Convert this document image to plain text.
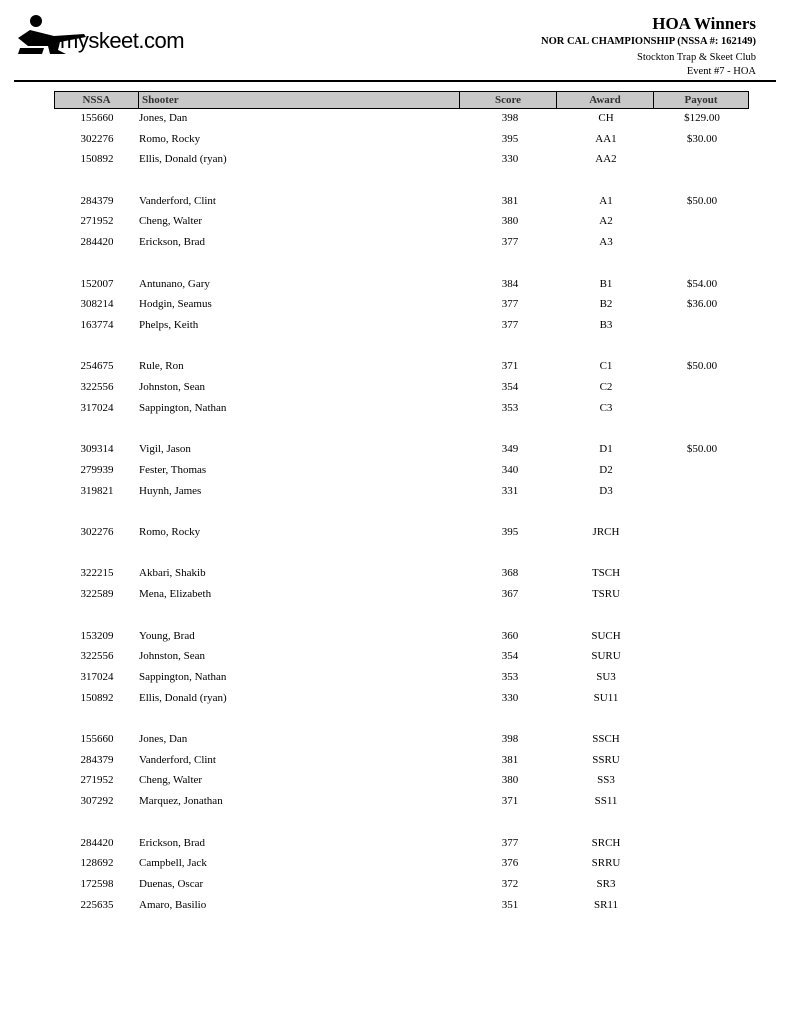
myskeet.com
HOA Winners
NOR CAL CHAMPIONSHIP (NSSA #: 162149)
Stockton Trap & Skeet Club
Event #7 - HOA
NSSA	Shooter	Score	Award	Payout
155660	Jones, Dan	398	CH	$129.00
302276	Romo, Rocky	395	AA1	$30.00
150892	Ellis, Donald (ryan)	330	AA2
284379	Vanderford, Clint	381	A1	$50.00
271952	Cheng, Walter	380	A2
284420	Erickson, Brad	377	A3
152007	Antunano, Gary	384	B1	$54.00
308214	Hodgin, Seamus	377	B2	$36.00
163774	Phelps, Keith	377	B3
254675	Rule, Ron	371	C1	$50.00
322556	Johnston, Sean	354	C2
317024	Sappington, Nathan	353	C3
309314	Vigil, Jason	349	D1	$50.00
279939	Fester, Thomas	340	D2
319821	Huynh, James	331	D3
302276	Romo, Rocky	395	JRCH
322215	Akbari, Shakib	368	TSCH
322589	Mena, Elizabeth	367	TSRU
153209	Young, Brad	360	SUCH
322556	Johnston, Sean	354	SURU
317024	Sappington, Nathan	353	SU3
150892	Ellis, Donald (ryan)	330	SU11
155660	Jones, Dan	398	SSCH
284379	Vanderford, Clint	381	SSRU
271952	Cheng, Walter	380	SS3
307292	Marquez, Jonathan	371	SS11
284420	Erickson, Brad	377	SRCH
128692	Campbell, Jack	376	SRRU
172598	Duenas, Oscar	372	SR3
225635	Amaro, Basilio	351	SR11
